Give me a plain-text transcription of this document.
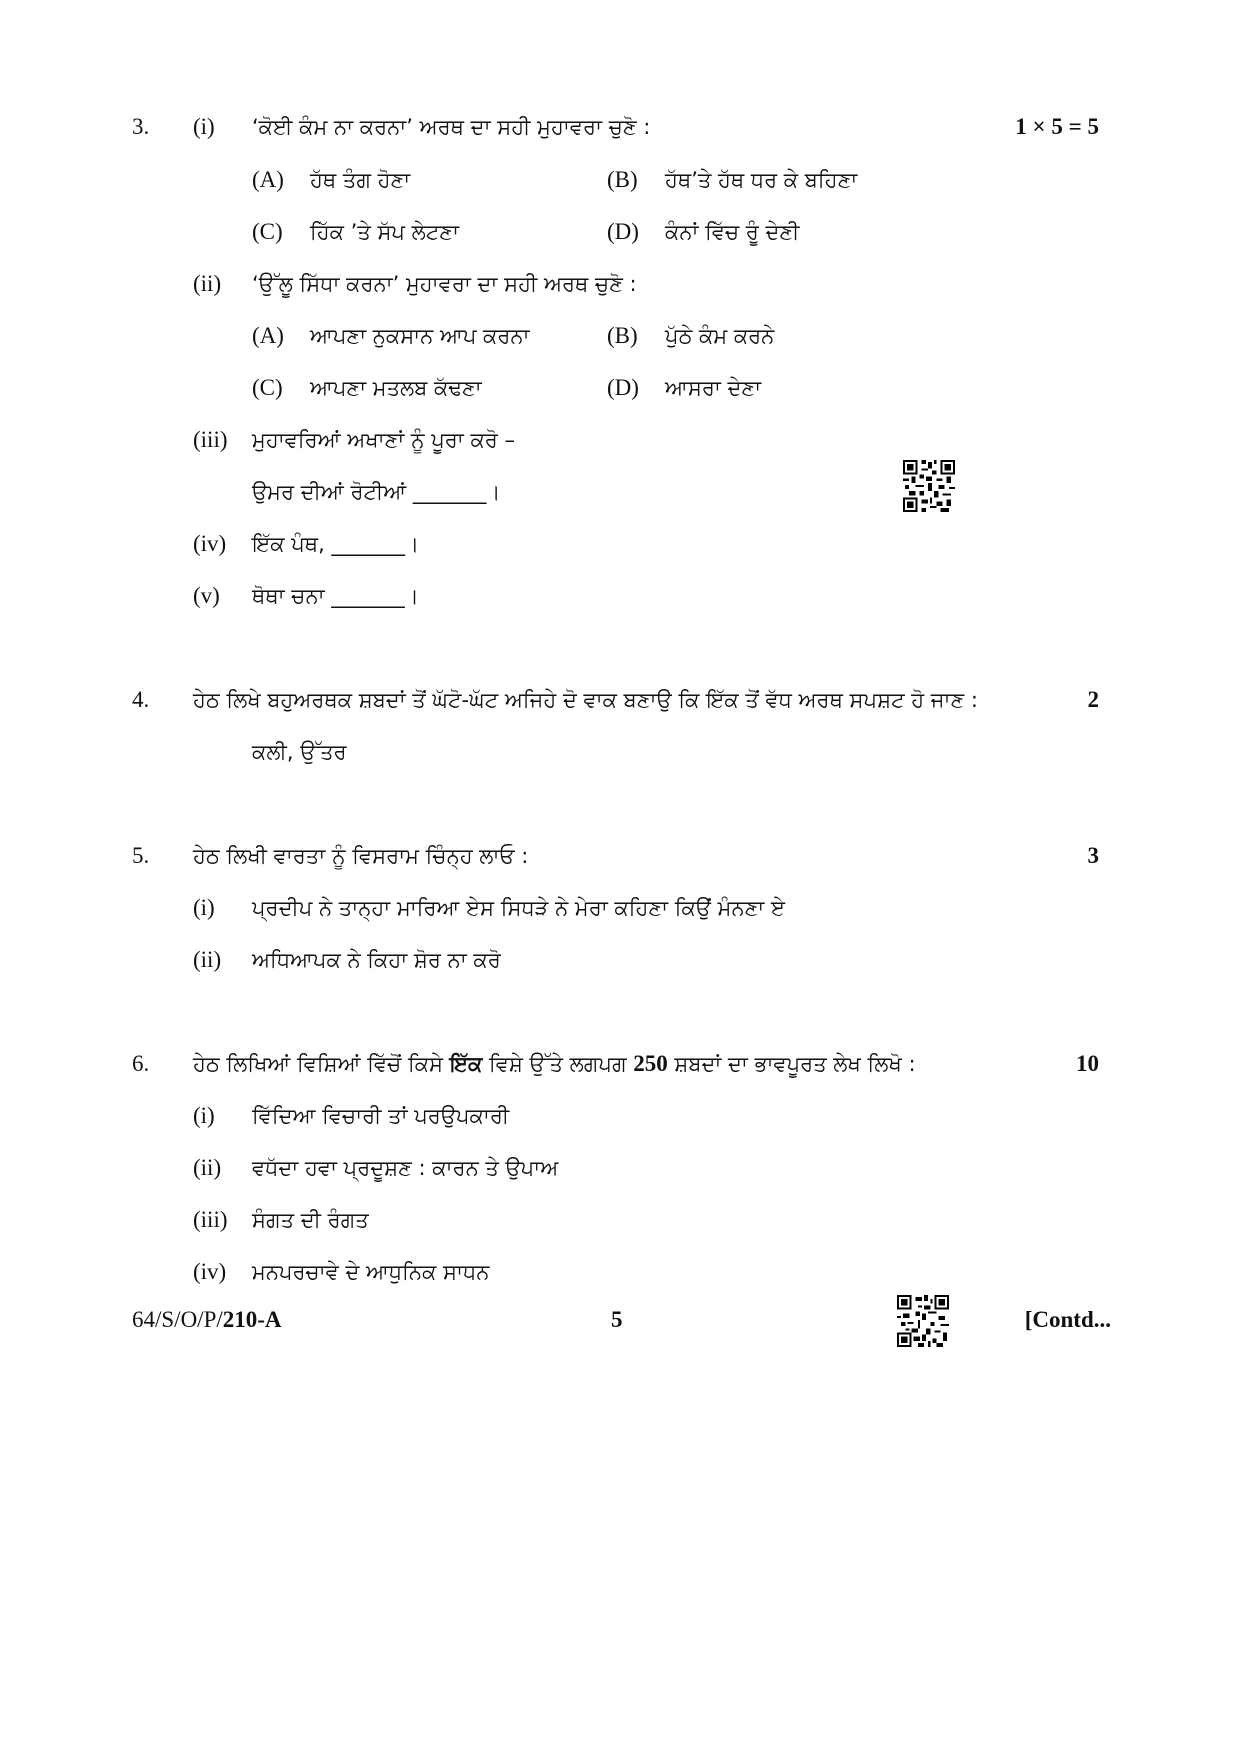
3. (i) ‘ਕੋਈ ਕੰਮ ਨਾ ਕਰਨਾ’ ਅਰਥ ਦਾ ਸਹੀ ਮੁਹਾਵਰਾ ਚੁਣੋ :	1 × 5 = 5
(A) ਹੱਥ ਤੰਗ ਹੋਣਾ	(B) ਹੱਥ’ਤੇ ਹੱਥ ਧਰ ਕੇ ਬਹਿਣਾ
(C) ਹਿੱਕ ’ਤੇ ਸੱਪ ਲੇਟਣਾ	(D) ਕੰਨਾਂ ਵਿੱਚ ਰੂੰ ਦੇਣੀ
(ii) ‘ਉੱਲੂ ਸਿੱਧਾ ਕਰਨਾ’ ਮੁਹਾਵਰਾ ਦਾ ਸਹੀ ਅਰਥ ਚੁਣੋ :
(A) ਆਪਣਾ ਨੁਕਸਾਨ ਆਪ ਕਰਨਾ	(B) ਪੁੱਠੇ ਕੰਮ ਕਰਨੇ
(C) ਆਪਣਾ ਮਤਲਬ ਕੱਢਣਾ	(D) ਆਸਰਾ ਦੇਣਾ
(iii) ਮੁਹਾਵਰਿਆਂ ਅਖਾਣਾਂ ਨੂੰ ਪੂਰਾ ਕਰੋ –
ਉਮਰ ਦੀਆਂ ਰੋਟੀਆਂ _______।
(iv) ਇੱਕ ਪੰਥ, _______।
(v) ਥੋਥਾ ਚਨਾ _______।
4. ਹੇਠ ਲਿਖੇ ਬਹੁਅਰਥਕ ਸ਼ਬਦਾਂ ਤੋਂ ਘੱਟੋ-ਘੱਟ ਅਜਿਹੇ ਦੋ ਵਾਕ ਬਣਾਉ ਕਿ ਇੱਕ ਤੋਂ ਵੱਧ ਅਰਥ ਸਪਸ਼ਟ ਹੋ ਜਾਣ :	2
ਕਲੀ, ਉੱਤਰ
5. ਹੇਠ ਲਿਖੀ ਵਾਰਤਾ ਨੂੰ ਵਿਸਰਾਮ ਚਿੰਨ੍ਹ ਲਾਓ :	3
(i) ਪ੍ਰਦੀਪ ਨੇ ਤਾਨ੍ਹਾ ਮਾਰਿਆ ਏਸ ਸਿਧੜੇ ਨੇ ਮੇਰਾ ਕਹਿਣਾ ਕਿਉਂ ਮੰਨਣਾ ਏ
(ii) ਅਧਿਆਪਕ ਨੇ ਕਿਹਾ ਸ਼ੋਰ ਨਾ ਕਰੋ
6. ਹੇਠ ਲਿਖਿਆਂ ਵਿਸ਼ਿਆਂ ਵਿੱਚੋਂ ਕਿਸੇ ਇੱਕ ਵਿਸ਼ੇ ਉੱਤੇ ਲਗਪਗ 250 ਸ਼ਬਦਾਂ ਦਾ ਭਾਵਪੂਰਤ ਲੇਖ ਲਿਖੋ :	10
(i) ਵਿੱਦਿਆ ਵਿਚਾਰੀ ਤਾਂ ਪਰਉਪਕਾਰੀ
(ii) ਵਧੱਦਾ ਹਵਾ ਪ੍ਰਦੂਸ਼ਣ : ਕਾਰਨ ਤੇ ਉਪਾਅ
(iii) ਸੰਗਤ ਦੀ ਰੰਗਤ
(iv) ਮਨਪਰਚਾਵੇ ਦੇ ਆਧੁਨਿਕ ਸਾਧਨ
64/S/O/P/210-A	5	[Contd...
